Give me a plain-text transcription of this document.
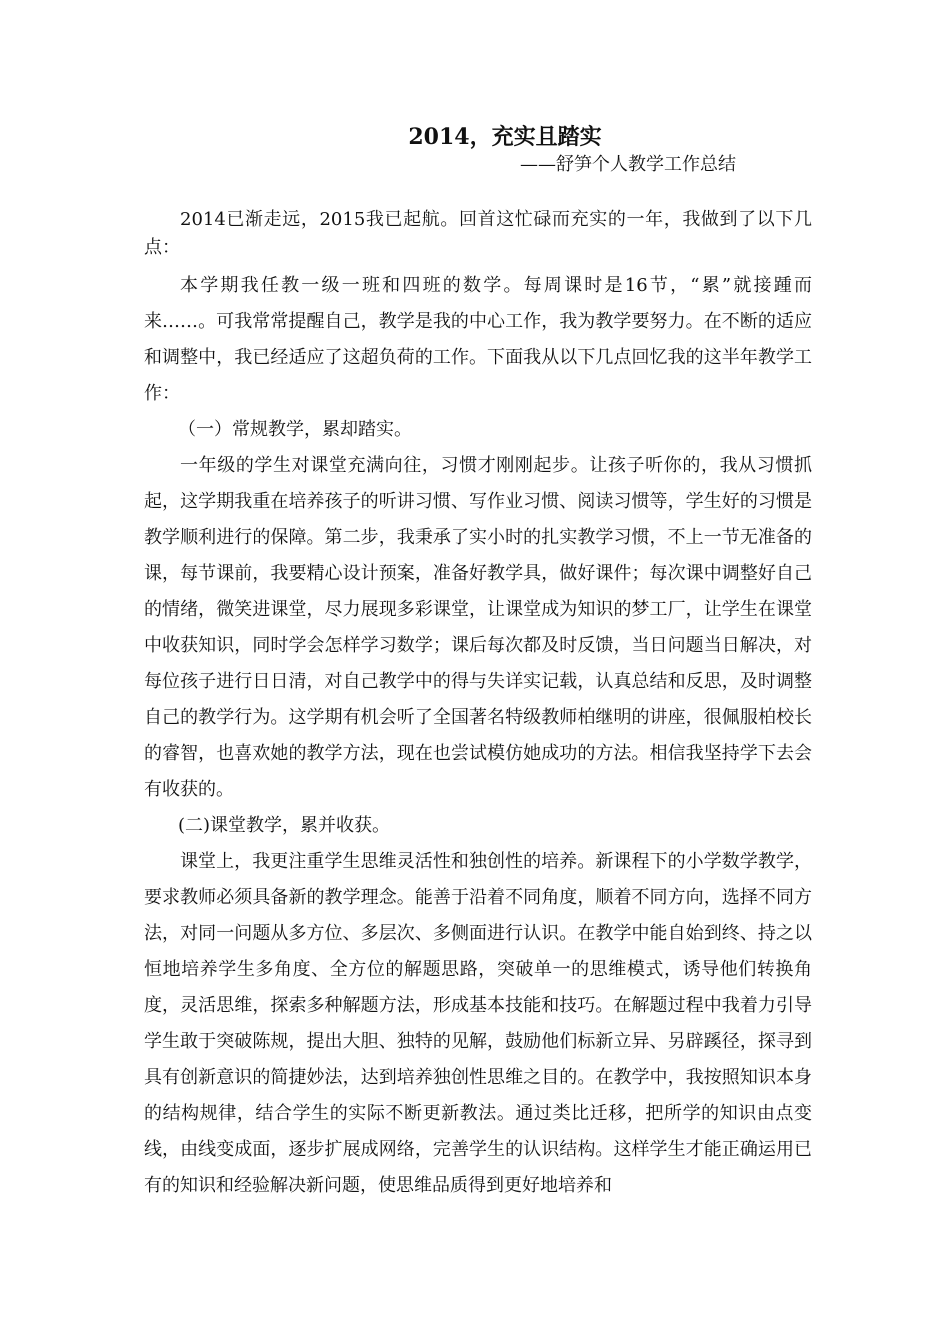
2014，充实且踏实
——舒笋个人教学工作总结

2014已渐走远，2015我已起航。回首这忙碌而充实的一年，我做到了以下几点：

本学期我任教一级一班和四班的数学。每周课时是16节，“累”就接踵而来……。可我常常提醒自己，教学是我的中心工作，我为教学要努力。在不断的适应和调整中，我已经适应了这超负荷的工作。下面我从以下几点回忆我的这半年教学工作：

（一）常规教学，累却踏实。

一年级的学生对课堂充满向往，习惯才刚刚起步。让孩子听你的，我从习惯抓起，这学期我重在培养孩子的听讲习惯、写作业习惯、阅读习惯等，学生好的习惯是教学顺利进行的保障。第二步，我秉承了实小时的扎实教学习惯，不上一节无准备的课，每节课前，我要精心设计预案，准备好教学具，做好课件；每次课中调整好自己的情绪，微笑进课堂，尽力展现多彩课堂，让课堂成为知识的梦工厂，让学生在课堂中收获知识，同时学会怎样学习数学；课后每次都及时反馈，当日问题当日解决，对每位孩子进行日日清，对自己教学中的得与失详实记载，认真总结和反思，及时调整自己的教学行为。这学期有机会听了全国著名特级教师柏继明的讲座，很佩服柏校长的睿智，也喜欢她的教学方法，现在也尝试模仿她成功的方法。相信我坚持学下去会有收获的。

(二)课堂教学，累并收获。

课堂上，我更注重学生思维灵活性和独创性的培养。新课程下的小学数学教学，要求教师必须具备新的教学理念。能善于沿着不同角度，顺着不同方向，选择不同方法，对同一问题从多方位、多层次、多侧面进行认识。在教学中能自始到终、持之以恒地培养学生多角度、全方位的解题思路，突破单一的思维模式，诱导他们转换角度，灵活思维，探索多种解题方法，形成基本技能和技巧。在解题过程中我着力引导学生敢于突破陈规，提出大胆、独特的见解，鼓励他们标新立异、另辟蹊径，探寻到具有创新意识的简捷妙法，达到培养独创性思维之目的。在教学中，我按照知识本身的结构规律，结合学生的实际不断更新教法。通过类比迁移，把所学的知识由点变线，由线变成面，逐步扩展成网络，完善学生的认识结构。这样学生才能正确运用已有的知识和经验解决新问题，使思维品质得到更好地培养和
